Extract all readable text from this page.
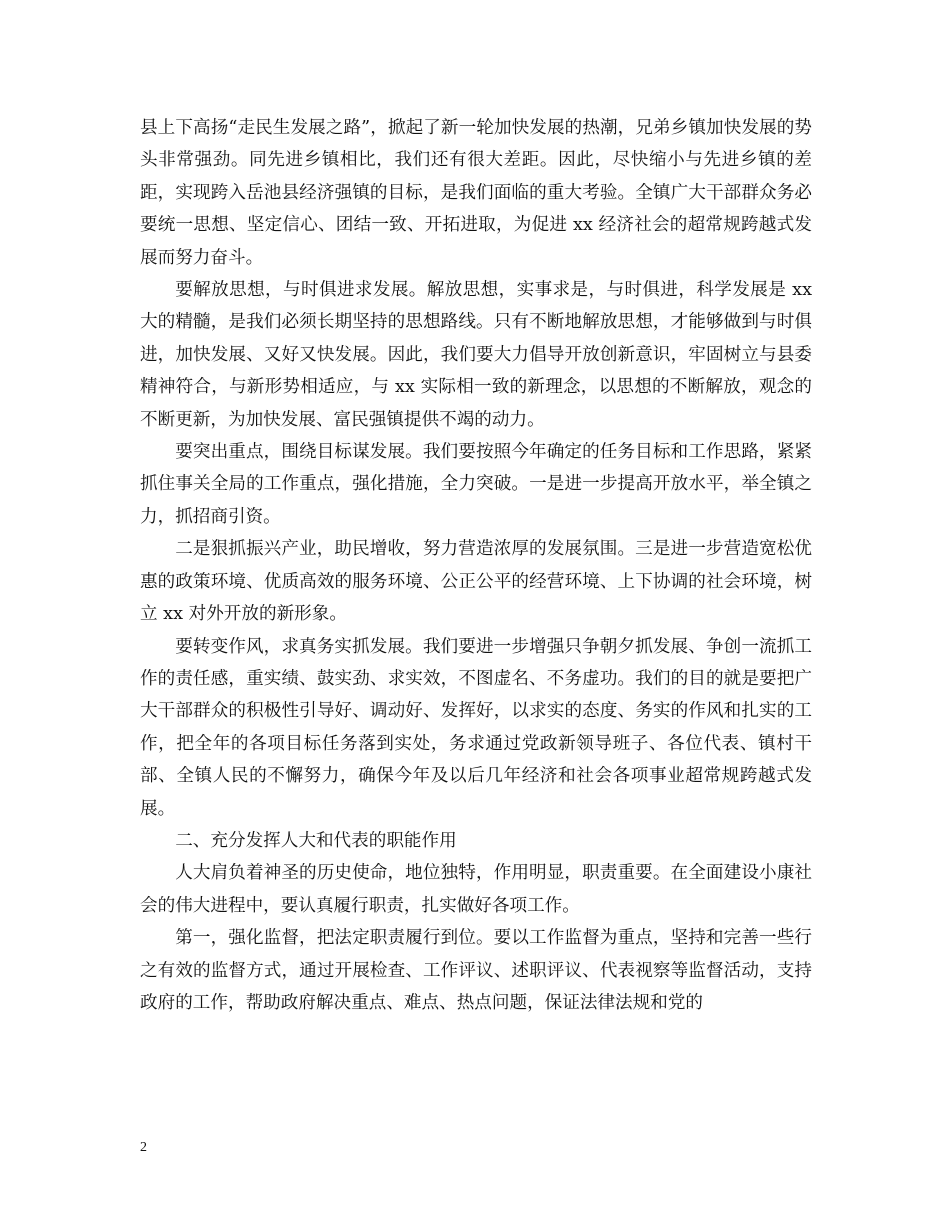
县上下高扬“走民生发展之路”，掀起了新一轮加快发展的热潮，兄弟乡镇加快发展的势头非常强劲。同先进乡镇相比，我们还有很大差距。因此，尽快缩小与先进乡镇的差距，实现跨入岳池县经济强镇的目标，是我们面临的重大考验。全镇广大干部群众务必要统一思想、坚定信心、团结一致、开拓进取，为促进 xx 经济社会的超常规跨越式发展而努力奋斗。

要解放思想，与时俱进求发展。解放思想，实事求是，与时俱进，科学发展是 xx 大的精髓，是我们必须长期坚持的思想路线。只有不断地解放思想，才能够做到与时俱进，加快发展、又好又快发展。因此，我们要大力倡导开放创新意识，牢固树立与县委精神符合，与新形势相适应，与 xx 实际相一致的新理念，以思想的不断解放，观念的不断更新，为加快发展、富民强镇提供不竭的动力。

要突出重点，围绕目标谋发展。我们要按照今年确定的任务目标和工作思路，紧紧抓住事关全局的工作重点，强化措施，全力突破。一是进一步提高开放水平，举全镇之力，抓招商引资。

二是狠抓振兴产业，助民增收，努力营造浓厚的发展氛围。三是进一步营造宽松优惠的政策环境、优质高效的服务环境、公正公平的经营环境、上下协调的社会环境，树立 xx 对外开放的新形象。

要转变作风，求真务实抓发展。我们要进一步增强只争朝夕抓发展、争创一流抓工作的责任感，重实绩、鼓实劲、求实效，不图虚名、不务虚功。我们的目的就是要把广大干部群众的积极性引导好、调动好、发挥好，以求实的态度、务实的作风和扎实的工作，把全年的各项目标任务落到实处，务求通过党政新领导班子、各位代表、镇村干部、全镇人民的不懈努力，确保今年及以后几年经济和社会各项事业超常规跨越式发展。

二、充分发挥人大和代表的职能作用

人大肩负着神圣的历史使命，地位独特，作用明显，职责重要。在全面建设小康社会的伟大进程中，要认真履行职责，扎实做好各项工作。

第一，强化监督，把法定职责履行到位。要以工作监督为重点，坚持和完善一些行之有效的监督方式，通过开展检查、工作评议、述职评议、代表视察等监督活动，支持政府的工作，帮助政府解决重点、难点、热点问题，保证法律法规和党的

2
